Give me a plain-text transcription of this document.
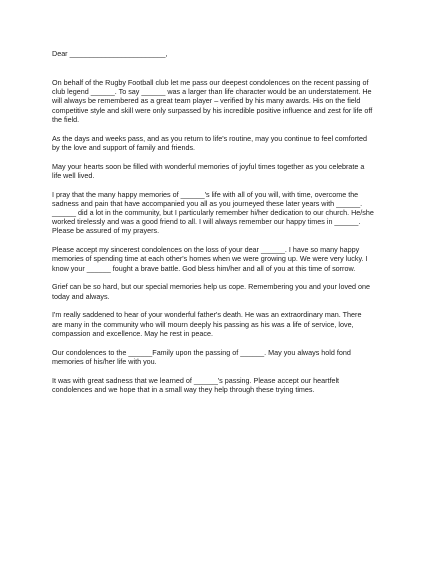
Dear ________________________,

On behalf of the Rugby Football club let me pass our deepest condolences on the recent passing of
club legend ______. To say ______ was a larger than life character would be an understatement. He
will always be remembered as a great team player – verified by his many awards. His on the field
competitive style and skill were only surpassed by his incredible positive influence and zest for life off
the field.

As the days and weeks pass, and as you return to life's routine, may you continue to feel comforted
by the love and support of family and friends.

May your hearts soon be filled with wonderful memories of joyful times together as you celebrate a
life well lived.

I pray that the many happy memories of ______'s life with all of you will, with time, overcome the
sadness and pain that have accompanied you all as you journeyed these later years with ______.
______ did a lot in the community, but I particularly remember hi/her dedication to our church. He/she
worked tirelessly and was a good friend to all. I will always remember our happy times in ______.
Please be assured of my prayers.

Please accept my sincerest condolences on the loss of your dear ______. I have so many happy
memories of spending time at each other's homes when we were growing up. We were very lucky. I
know your ______ fought a brave battle. God bless him/her and all of you at this time of sorrow.

Grief can be so hard, but our special memories help us cope. Remembering you and your loved one
today and always.

I'm really saddened to hear of your wonderful father's death. He was an extraordinary man. There
are many in the community who will mourn deeply his passing as his was a life of service, love,
compassion and excellence. May he rest in peace.

Our condolences to the ______Family upon the passing of ______. May you always hold fond
memories of his/her life with you.

It was with great sadness that we learned of ______'s passing. Please accept our heartfelt
condolences and we hope that in a small way they help through these trying times.
